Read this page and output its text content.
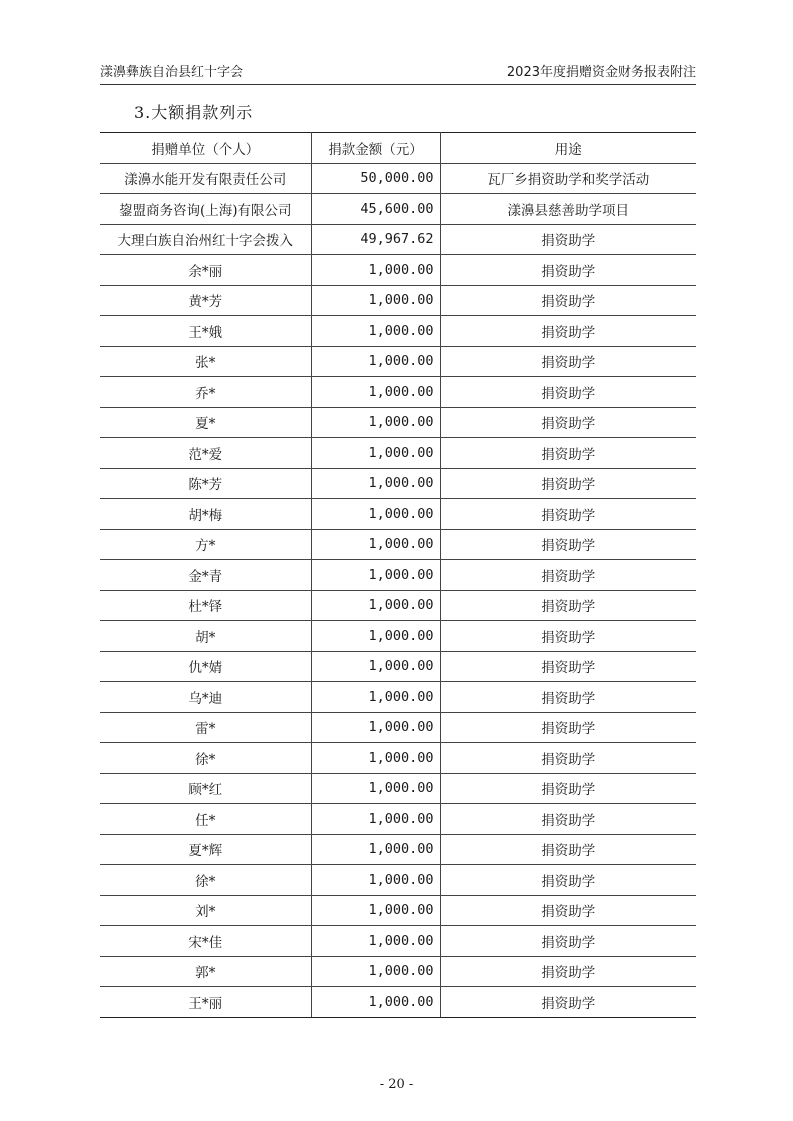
漾濞彝族自治县红十字会	2023年度捐赠资金财务报表附注
3.大额捐款列示
捐赠单位（个人）	捐款金额（元）	用途
漾濞水能开发有限责任公司	50,000.00	瓦厂乡捐资助学和奖学活动
鋆盟商务咨询(上海)有限公司	45,600.00	漾濞县慈善助学项目
大理白族自治州红十字会拨入	49,967.62	捐资助学
余*丽	1,000.00	捐资助学
黄*芳	1,000.00	捐资助学
王*娥	1,000.00	捐资助学
张*	1,000.00	捐资助学
乔*	1,000.00	捐资助学
夏*	1,000.00	捐资助学
范*爱	1,000.00	捐资助学
陈*芳	1,000.00	捐资助学
胡*梅	1,000.00	捐资助学
方*	1,000.00	捐资助学
金*青	1,000.00	捐资助学
杜*铎	1,000.00	捐资助学
胡*	1,000.00	捐资助学
仇*婧	1,000.00	捐资助学
乌*迪	1,000.00	捐资助学
雷*	1,000.00	捐资助学
徐*	1,000.00	捐资助学
顾*红	1,000.00	捐资助学
任*	1,000.00	捐资助学
夏*辉	1,000.00	捐资助学
徐*	1,000.00	捐资助学
刘*	1,000.00	捐资助学
宋*佳	1,000.00	捐资助学
郭*	1,000.00	捐资助学
王*丽	1,000.00	捐资助学
- 20 -
